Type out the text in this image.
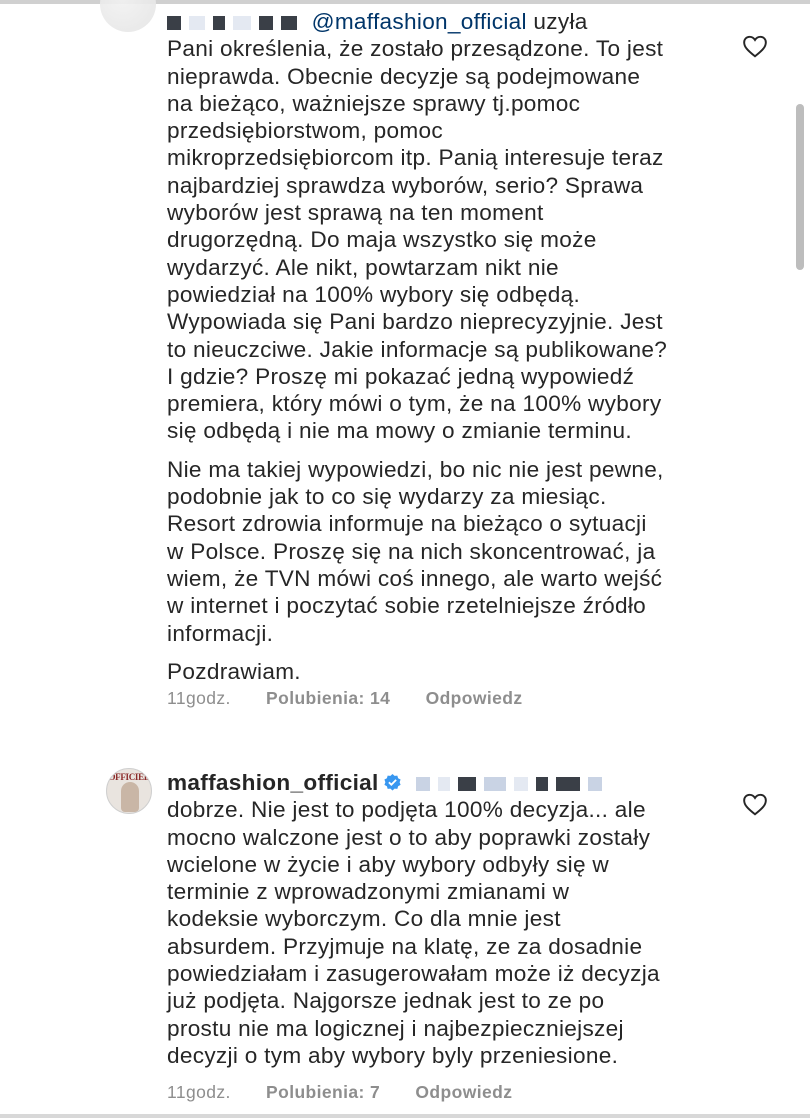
@maffashion_official uzyła
Pani określenia, że zostało przesądzone. To jest
nieprawda. Obecnie decyzje są podejmowane
na bieżąco, ważniejsze sprawy tj.pomoc
przedsiębiorstwom, pomoc
mikroprzedsiębiorcom itp. Panią interesuje teraz
najbardziej sprawdza wyborów, serio? Sprawa
wyborów jest sprawą na ten moment
drugorzędną. Do maja wszystko się może
wydarzyć. Ale nikt, powtarzam nikt nie
powiedział na 100% wybory się odbędą.
Wypowiada się Pani bardzo nieprecyzyjnie. Jest
to nieuczciwe. Jakie informacje są publikowane?
I gdzie? Proszę mi pokazać jedną wypowiedź
premiera, który mówi o tym, że na 100% wybory
się odbędą i nie ma mowy o zmianie terminu.
Nie ma takiej wypowiedzi, bo nic nie jest pewne,
podobnie jak to co się wydarzy za miesiąc.
Resort zdrowia informuje na bieżąco o sytuacji
w Polsce. Proszę się na nich skoncentrować, ja
wiem, że TVN mówi coś innego, ale warto wejść
w internet i poczytać sobie rzetelniejsze źródło
informacji.
Pozdrawiam.
11godz. Polubienia: 14 Odpowiedz
OFFICIEL maffashion_official
dobrze. Nie jest to podjęta 100% decyzja... ale
mocno walczone jest o to aby poprawki zostały
wcielone w życie i aby wybory odbyły się w
terminie z wprowadzonymi zmianami w
kodeksie wyborczym. Co dla mnie jest
absurdem. Przyjmuje na klatę, ze za dosadnie
powiedziałam i zasugerowałam może iż decyzja
już podjęta. Najgorsze jednak jest to ze po
prostu nie ma logicznej i najbezpieczniejszej
decyzji o tym aby wybory byly przeniesione.
11godz. Polubienia: 7 Odpowiedz
